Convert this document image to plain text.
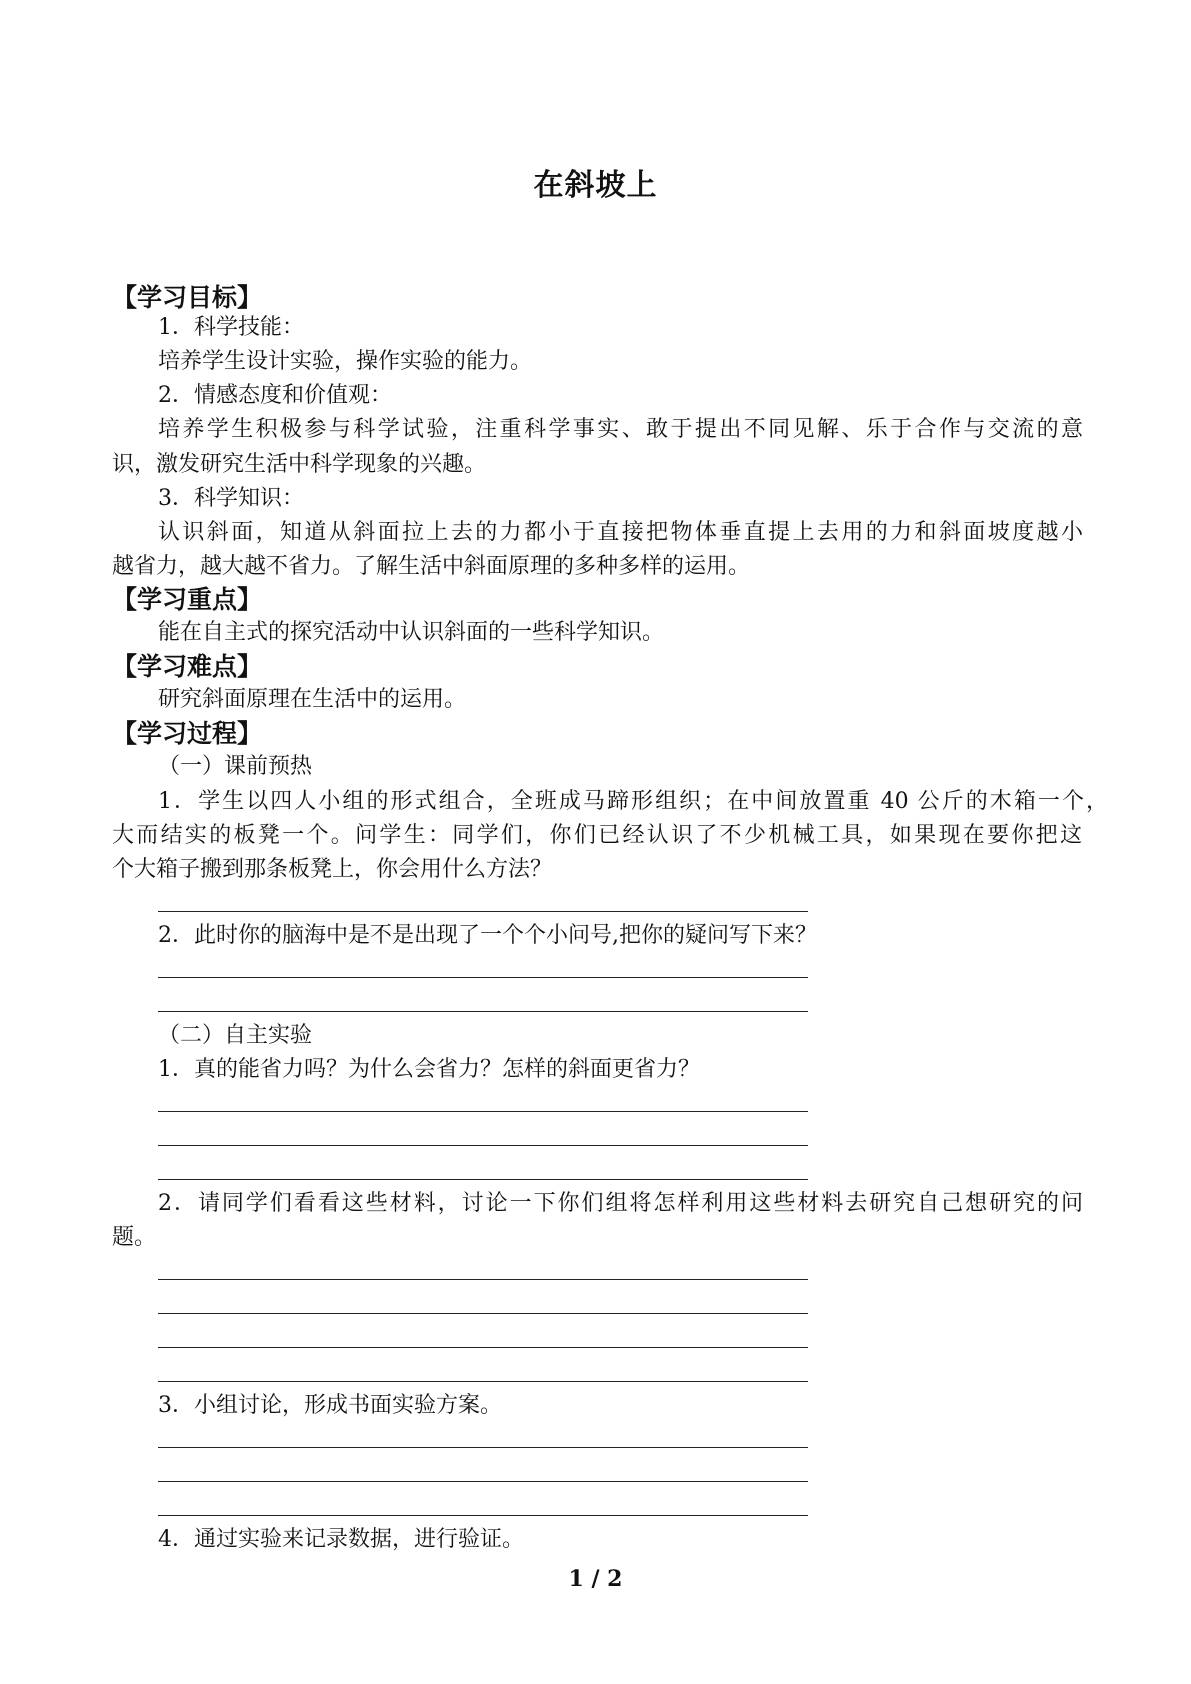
在斜坡上
【学习目标】
1．科学技能：
培养学生设计实验，操作实验的能力。
2．情感态度和价值观：
培养学生积极参与科学试验，注重科学事实、敢于提出不同见解、乐于合作与交流的意
识，激发研究生活中科学现象的兴趣。
3．科学知识：
认识斜面，知道从斜面拉上去的力都小于直接把物体垂直提上去用的力和斜面坡度越小
越省力，越大越不省力。了解生活中斜面原理的多种多样的运用。
【学习重点】
能在自主式的探究活动中认识斜面的一些科学知识。
【学习难点】
研究斜面原理在生活中的运用。
【学习过程】
（一）课前预热
1．学生以四人小组的形式组合，全班成马蹄形组织；在中间放置重 40 公斤的木箱一个，
大而结实的板凳一个。问学生：同学们，你们已经认识了不少机械工具，如果现在要你把这
个大箱子搬到那条板凳上，你会用什么方法？
2．此时你的脑海中是不是出现了一个个小问号,把你的疑问写下来？
（二）自主实验
1．真的能省力吗？为什么会省力？怎样的斜面更省力？
2．请同学们看看这些材料，讨论一下你们组将怎样利用这些材料去研究自己想研究的问
题。
3．小组讨论，形成书面实验方案。
4．通过实验来记录数据，进行验证。
1 / 2
